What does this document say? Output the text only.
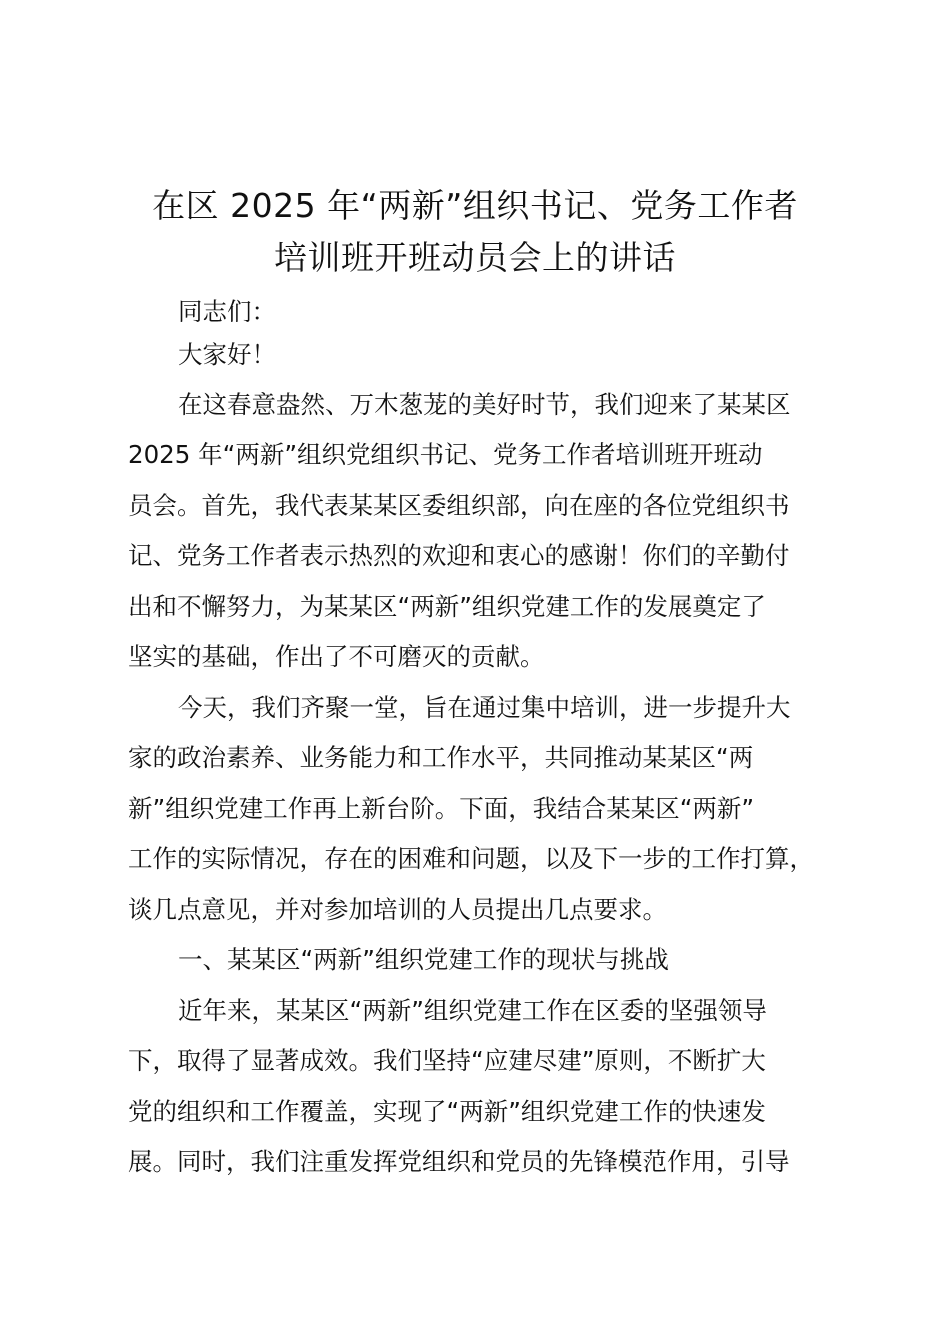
在区 2025 年“两新”组织书记、党务工作者
培训班开班动员会上的讲话

同志们：

大家好！

在这春意盎然、万木葱茏的美好时节，我们迎来了某某区

2025 年“两新”组织党组织书记、党务工作者培训班开班动

员会。首先，我代表某某区委组织部，向在座的各位党组织书

记、党务工作者表示热烈的欢迎和衷心的感谢！你们的辛勤付

出和不懈努力，为某某区“两新”组织党建工作的发展奠定了

坚实的基础，作出了不可磨灭的贡献。

今天，我们齐聚一堂，旨在通过集中培训，进一步提升大

家的政治素养、业务能力和工作水平，共同推动某某区“两

新”组织党建工作再上新台阶。下面，我结合某某区“两新”

工作的实际情况，存在的困难和问题，以及下一步的工作打算，

谈几点意见，并对参加培训的人员提出几点要求。

一、某某区“两新”组织党建工作的现状与挑战

近年来，某某区“两新”组织党建工作在区委的坚强领导

下，取得了显著成效。我们坚持“应建尽建”原则，不断扩大

党的组织和工作覆盖，实现了“两新”组织党建工作的快速发

展。同时，我们注重发挥党组织和党员的先锋模范作用，引导
